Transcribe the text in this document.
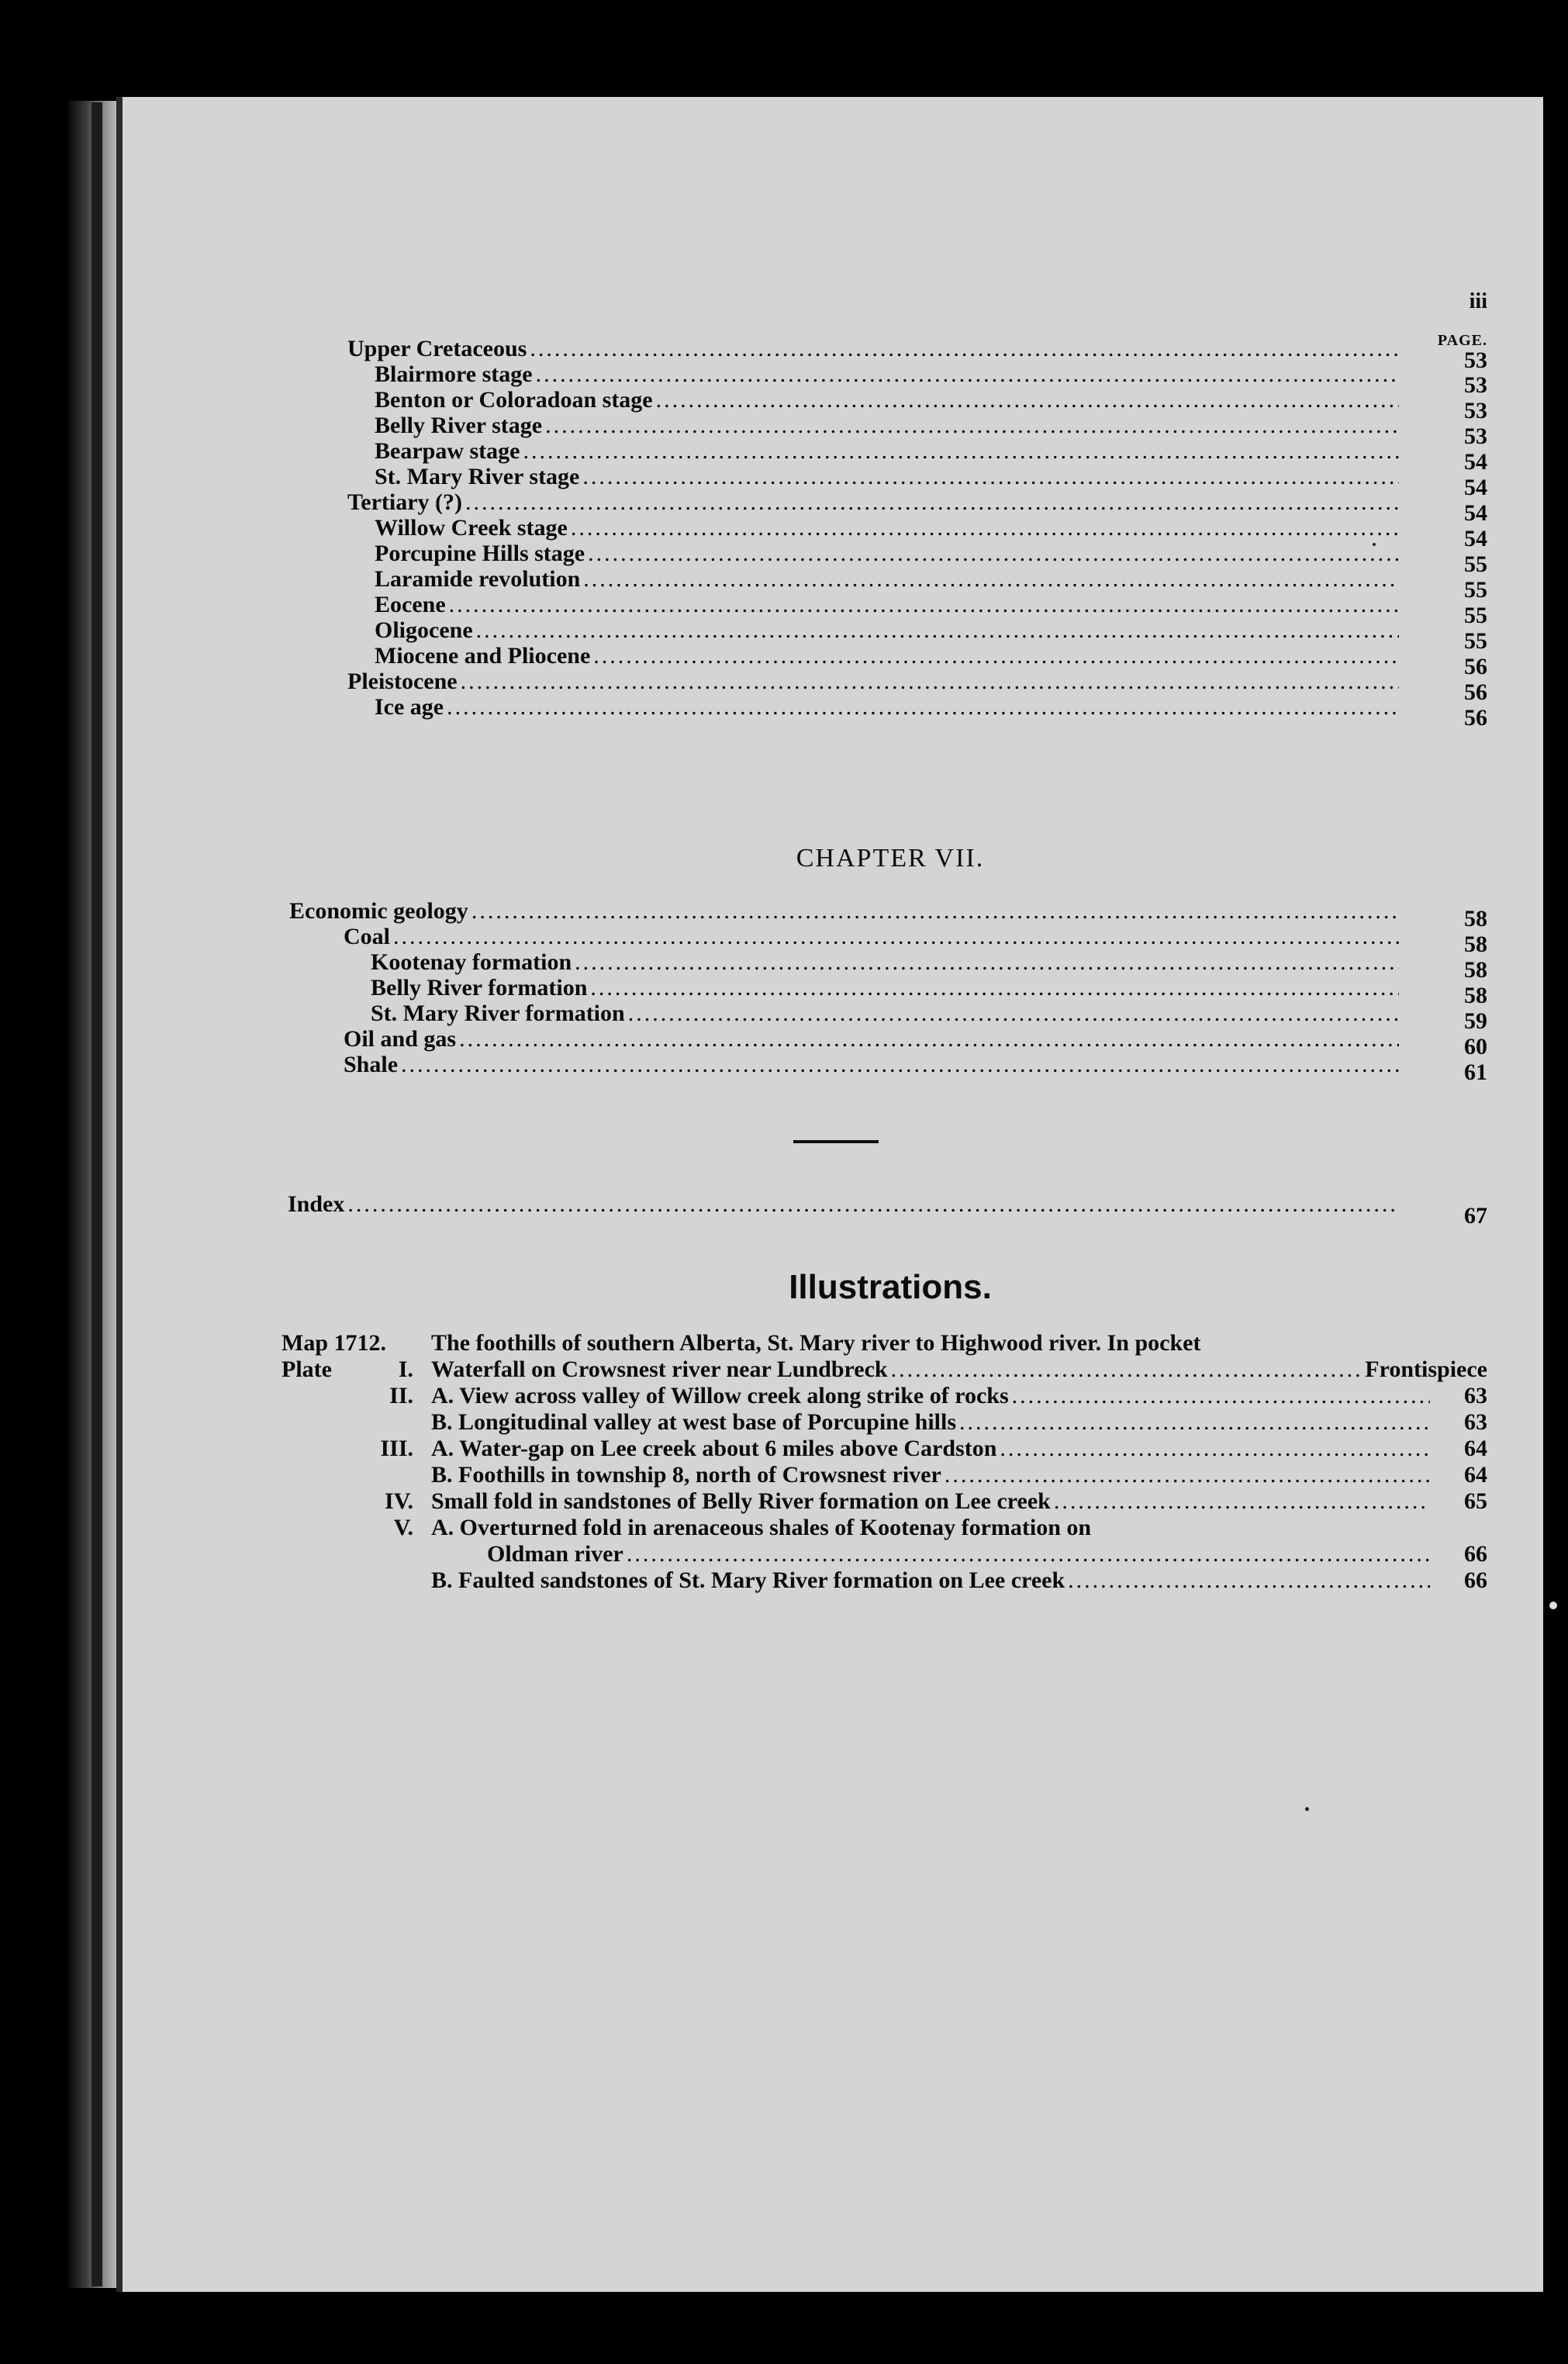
iii
PAGE.
Upper Cretaceous .....	53
Blairmore stage .....	53
Benton or Coloradoan stage .....	53
Belly River stage .....	53
Bearpaw stage .....	54
St. Mary River stage .....	54
Tertiary (?) .....	54
Willow Creek stage .....	54
Porcupine Hills stage .....	55
Laramide revolution .....	55
Eocene .....	55
Oligocene .....	55
Miocene and Pliocene .....	56
Pleistocene .....	56
Ice age .....	56
CHAPTER VII.
Economic geology .....	58
Coal .....	58
Kootenay formation .....	58
Belly River formation .....	58
St. Mary River formation .....	59
Oil and gas .....	60
Shale .....	61
Index .....	67
Illustrations.
Map 1712. The foothills of southern Alberta, St. Mary river to Highwood river. In pocket
Plate	I. Waterfall on Crowsnest river near Lundbreck .....	Frontispiece
II. A. View across valley of Willow creek along strike of rocks .....	63
B. Longitudinal valley at west base of Porcupine hills .....	63
III. A. Water-gap on Lee creek about 6 miles above Cardston .....	64
B. Foothills in township 8, north of Crowsnest river .....	64
IV. Small fold in sandstones of Belly River formation on Lee creek .....	65
V. A. Overturned fold in arenaceous shales of Kootenay formation on
Oldman river .....	66
B. Faulted sandstones of St. Mary River formation on Lee creek .....	66
